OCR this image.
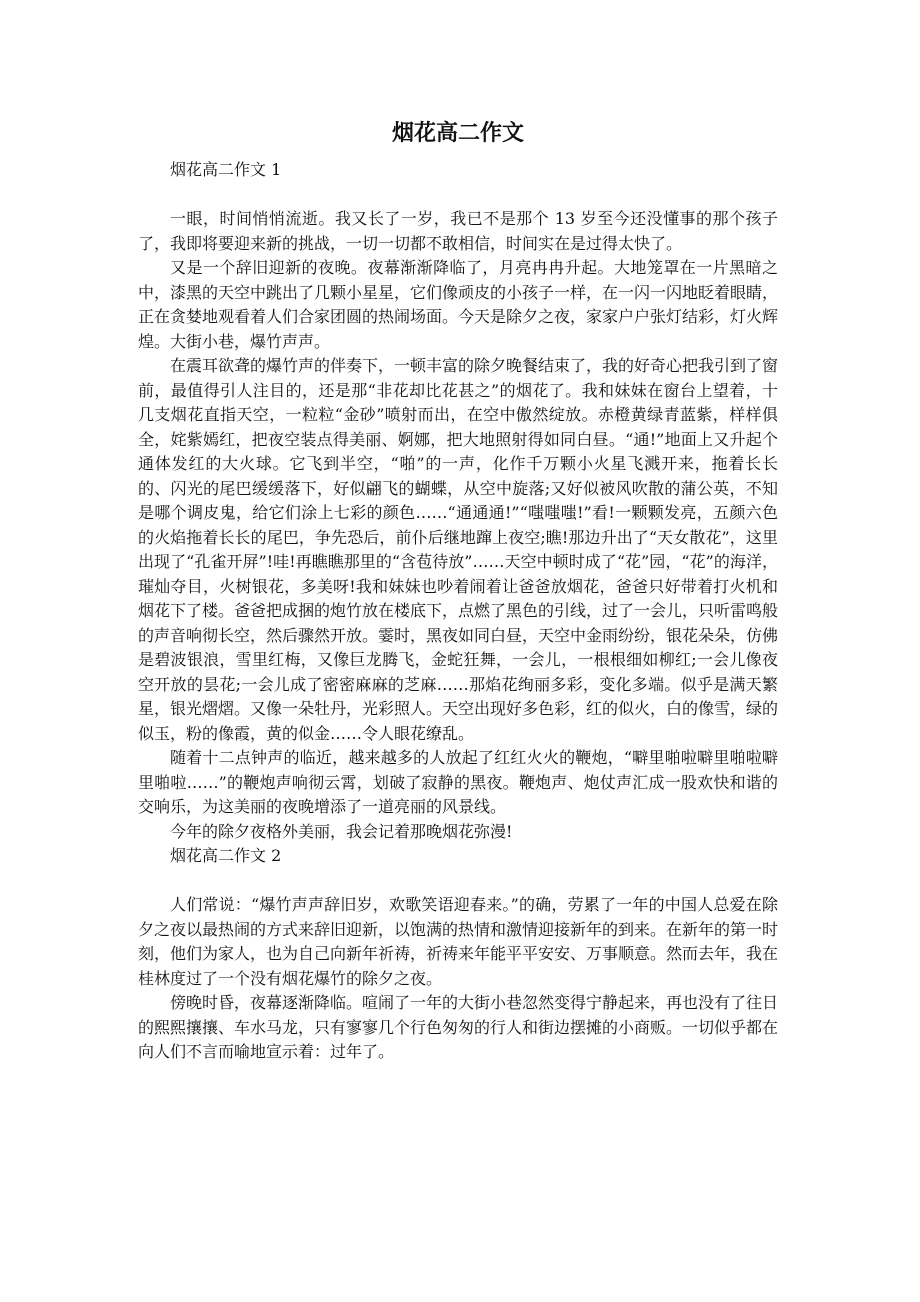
烟花高二作文

烟花高二作文 1

一眼，时间悄悄流逝。我又长了一岁，我已不是那个 13 岁至今还没懂事的那个孩子了，我即将要迎来新的挑战，一切一切都不敢相信，时间实在是过得太快了。

又是一个辞旧迎新的夜晚。夜幕渐渐降临了，月亮冉冉升起。大地笼罩在一片黑暗之中，漆黑的天空中跳出了几颗小星星，它们像顽皮的小孩子一样，在一闪一闪地眨着眼睛，正在贪婪地观看着人们合家团圆的热闹场面。今天是除夕之夜，家家户户张灯结彩，灯火辉煌。大街小巷，爆竹声声。

在震耳欲聋的爆竹声的伴奏下，一顿丰富的除夕晚餐结束了，我的好奇心把我引到了窗前，最值得引人注目的，还是那“非花却比花甚之”的烟花了。我和妹妹在窗台上望着，十几支烟花直指天空，一粒粒“金砂”喷射而出，在空中傲然绽放。赤橙黄绿青蓝紫，样样俱全，姹紫嫣红，把夜空装点得美丽、婀娜，把大地照射得如同白昼。“通!”地面上又升起个通体发红的大火球。它飞到半空，“啪”的一声，化作千万颗小火星飞溅开来，拖着长长的、闪光的尾巴缓缓落下，好似翩飞的蝴蝶，从空中旋落;又好似被风吹散的蒲公英，不知是哪个调皮鬼，给它们涂上七彩的颜色……“通通通!”“嗤嗤嗤!”看!一颗颗发亮，五颜六色的火焰拖着长长的尾巴，争先恐后，前仆后继地蹿上夜空;瞧!那边升出了“天女散花”，这里出现了“孔雀开屏”!哇!再瞧瞧那里的“含苞待放”……天空中顿时成了“花”园，“花”的海洋，璀灿夺目，火树银花，多美呀!我和妹妹也吵着闹着让爸爸放烟花，爸爸只好带着打火机和烟花下了楼。爸爸把成捆的炮竹放在楼底下，点燃了黑色的引线，过了一会儿，只听雷鸣般的声音响彻长空，然后骤然开放。霎时，黑夜如同白昼，天空中金雨纷纷，银花朵朵，仿佛是碧波银浪，雪里红梅，又像巨龙腾飞，金蛇狂舞，一会儿，一根根细如柳红;一会儿像夜空开放的昙花;一会儿成了密密麻麻的芝麻……那焰花绚丽多彩，变化多端。似乎是满天繁星，银光熠熠。又像一朵牡丹，光彩照人。天空出现好多色彩，红的似火，白的像雪，绿的似玉，粉的像霞，黄的似金……令人眼花缭乱。

随着十二点钟声的临近，越来越多的人放起了红红火火的鞭炮，“噼里啪啦噼里啪啦噼里啪啦……”的鞭炮声响彻云霄，划破了寂静的黑夜。鞭炮声、炮仗声汇成一股欢快和谐的交响乐，为这美丽的夜晚增添了一道亮丽的风景线。

今年的除夕夜格外美丽，我会记着那晚烟花弥漫!

烟花高二作文 2

人们常说：“爆竹声声辞旧岁，欢歌笑语迎春来。”的确，劳累了一年的中国人总爱在除夕之夜以最热闹的方式来辞旧迎新，以饱满的热情和激情迎接新年的到来。在新年的第一时刻，他们为家人，也为自己向新年祈祷，祈祷来年能平平安安、万事顺意。然而去年，我在桂林度过了一个没有烟花爆竹的除夕之夜。

傍晚时昏，夜幕逐渐降临。喧闹了一年的大街小巷忽然变得宁静起来，再也没有了往日的熙熙攘攘、车水马龙，只有寥寥几个行色匆匆的行人和街边摆摊的小商贩。一切似乎都在向人们不言而喻地宣示着：过年了。
